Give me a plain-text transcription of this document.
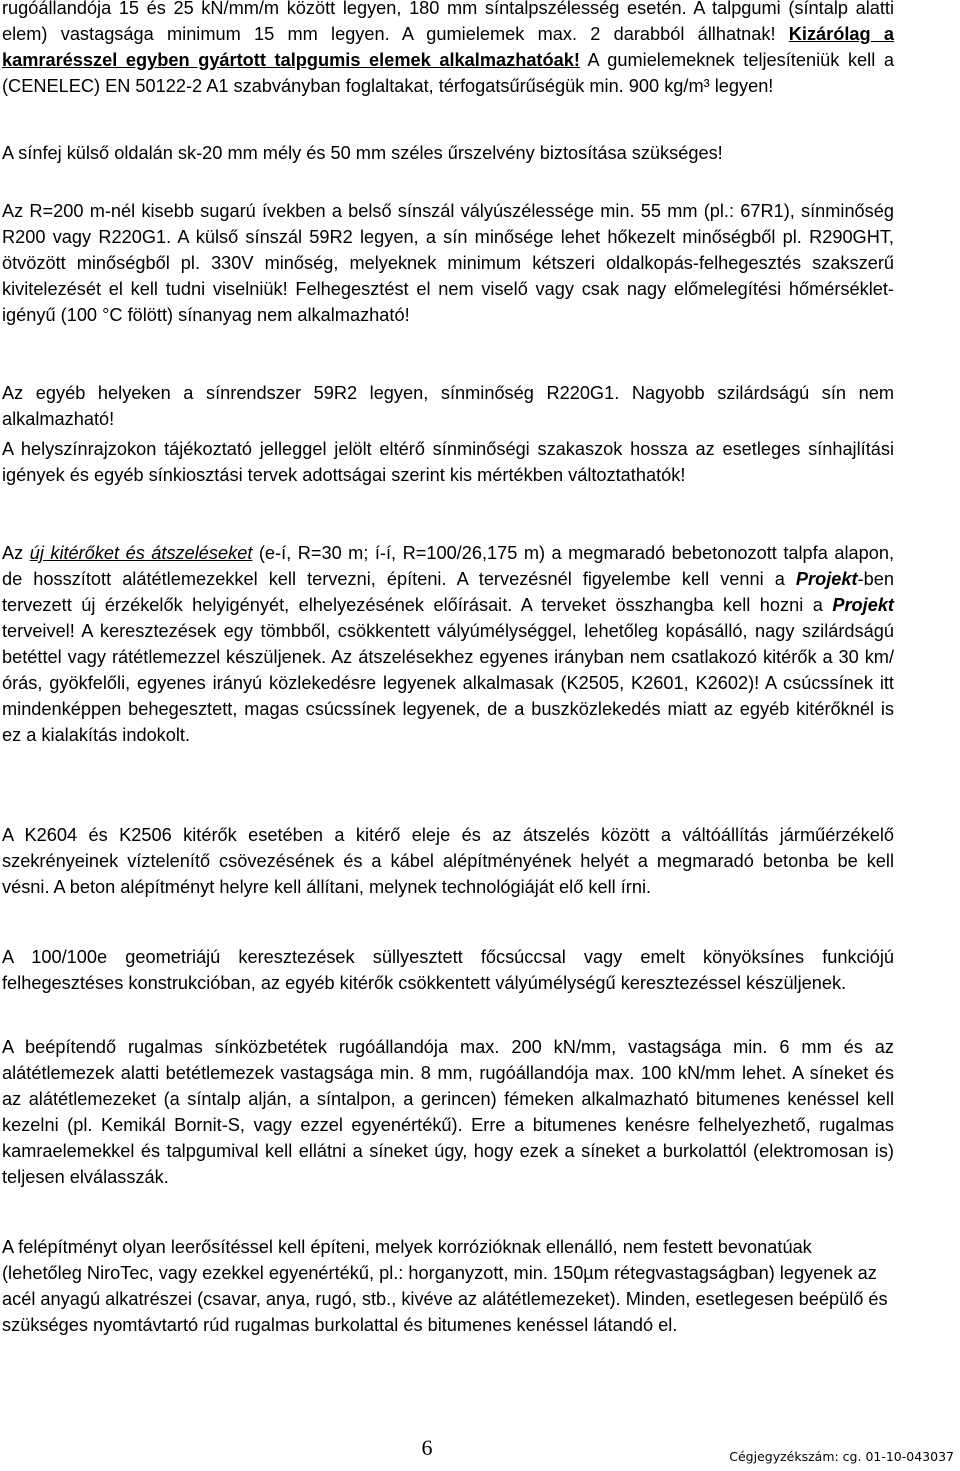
rugóállandója 15 és 25 kN/mm/m között legyen, 180 mm síntalpszélesség esetén. A talpgumi (síntalp alatti elem) vastagsága minimum 15 mm legyen. A gumielemek max. 2 darabból állhatnak! Kizárólag a kamrarésszel egyben gyártott talpgumis elemek alkalmazhatóak! A gumielemeknek teljesíteniük kell a (CENELEC) EN 50122-2 A1 szabványban foglaltakat, térfogatsűrűségük min. 900 kg/m³ legyen!

A sínfej külső oldalán sk-20 mm mély és 50 mm széles űrszelvény biztosítása szükséges!

Az R=200 m-nél kisebb sugarú ívekben a belső sínszál vályúszélessége min. 55 mm (pl.: 67R1), sínminőség R200 vagy R220G1. A külső sínszál 59R2 legyen, a sín minősége lehet hőkezelt minőségből pl. R290GHT, ötvözött minőségből pl. 330V minőség, melyeknek minimum kétszeri oldalkopás-felhegesztés szakszerű kivitelezését el kell tudni viselniük! Felhegesztést el nem viselő vagy csak nagy előmelegítési hőmérséklet-igényű (100 °C fölött) sínanyag nem alkalmazható!

Az egyéb helyeken a sínrendszer 59R2 legyen, sínminőség R220G1. Nagyobb szilárdságú sín nem alkalmazható!

A helyszínrajzokon tájékoztató jelleggel jelölt eltérő sínminőségi szakaszok hossza az esetleges sínhajlítási igények és egyéb sínkiosztási tervek adottságai szerint kis mértékben változtathatók!

Az új kitérőket és átszeléseket (e-í, R=30 m; í-í, R=100/26,175 m) a megmaradó bebetonozott talpfa alapon, de hosszított alátétlemezekkel kell tervezni, építeni. A tervezésnél figyelembe kell venni a Projekt-ben tervezett új érzékelők helyigényét, elhelyezésének előírásait. A terveket összhangba kell hozni a Projekt terveivel! A keresztezések egy tömbből, csökkentett vályúmélységgel, lehetőleg kopásálló, nagy szilárdságú betéttel vagy rátétlemezzel készüljenek. Az átszelésekhez egyenes irányban nem csatlakozó kitérők a 30 km/órás, gyökfelőli, egyenes irányú közlekedésre legyenek alkalmasak (K2505, K2601, K2602)! A csúcssínek itt mindenképpen behegesztett, magas csúcssínek legyenek, de a buszközlekedés miatt az egyéb kitérőknél is ez a kialakítás indokolt.

A K2604 és K2506 kitérők esetében a kitérő eleje és az átszelés között a váltóállítás járműérzékelő szekrényeinek víztelenítő csövezésének és a kábel alépítményének helyét a megmaradó betonba be kell vésni. A beton alépítményt helyre kell állítani, melynek technológiáját elő kell írni.

A 100/100e geometriájú keresztezések süllyesztett főcsúccsal vagy emelt könyöksínes funkciójú felhegesztéses konstrukcióban, az egyéb kitérők csökkentett vályúmélységű keresztezéssel készüljenek.

A beépítendő rugalmas sínközbetétek rugóállandója max. 200 kN/mm, vastagsága min. 6 mm és az alátétlemezek alatti betétlemezek vastagsága min. 8 mm, rugóállandója max. 100 kN/mm lehet. A síneket és az alátétlemezeket (a síntalp alján, a síntalpon, a gerincen) fémeken alkalmazható bitumenes kenéssel kell kezelni (pl. Kemikál Bornit-S, vagy ezzel egyenértékű). Erre a bitumenes kenésre felhelyezhető, rugalmas kamraelemekkel és talpgumival kell ellátni a síneket úgy, hogy ezek a síneket a burkolattól (elektromosan is) teljesen elválasszák.

A felépítményt olyan leerősítéssel kell építeni, melyek korrózióknak ellenálló, nem festett bevonatúak (lehetőleg NiroTec, vagy ezekkel egyenértékű, pl.: horganyzott, min. 150µm rétegvastagságban) legyenek az acél anyagú alkatrészei (csavar, anya, rugó, stb., kivéve az alátétlemezeket). Minden, esetlegesen beépülő és szükséges nyomtávtartó rúd rugalmas burkolattal és bitumenes kenéssel látandó el.

6	Cégjegyzékszám: cg. 01-10-043037
